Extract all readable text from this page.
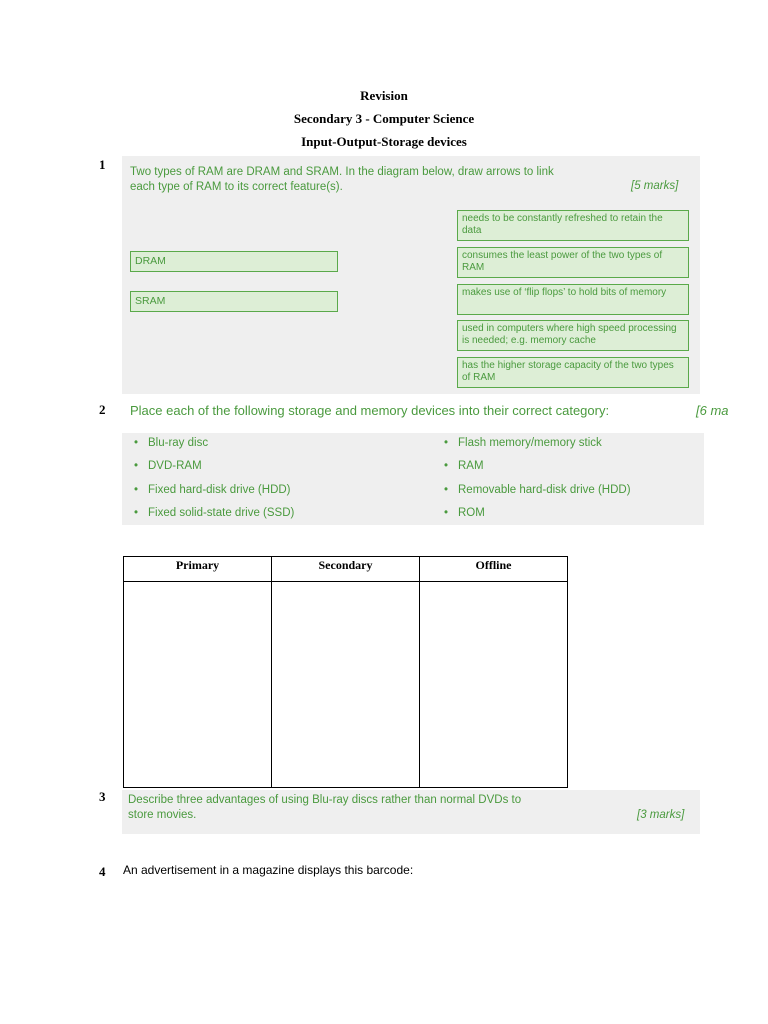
Revision
Secondary 3 - Computer Science
Input-Output-Storage devices
1 Two types of RAM are DRAM and SRAM. In the diagram below, draw arrows to link
each type of RAM to its correct feature(s).	[5 marks]
DRAM
SRAM
needs to be constantly refreshed to retain the data
consumes the least power of the two types of RAM
makes use of ‘flip flops’ to hold bits of memory
used in computers where high speed processing is needed; e.g. memory cache
has the higher storage capacity of the two types of RAM
2 Place each of the following storage and memory devices into their correct category:	[6 ma
• Blu-ray disc
• DVD-RAM
• Fixed hard-disk drive (HDD)
• Fixed solid-state drive (SSD)
• Flash memory/memory stick
• RAM
• Removable hard-disk drive (HDD)
• ROM
Primary	Secondary	Offline

3 Describe three advantages of using Blu-ray discs rather than normal DVDs to
store movies.	[3 marks]
4 An advertisement in a magazine displays this barcode:
